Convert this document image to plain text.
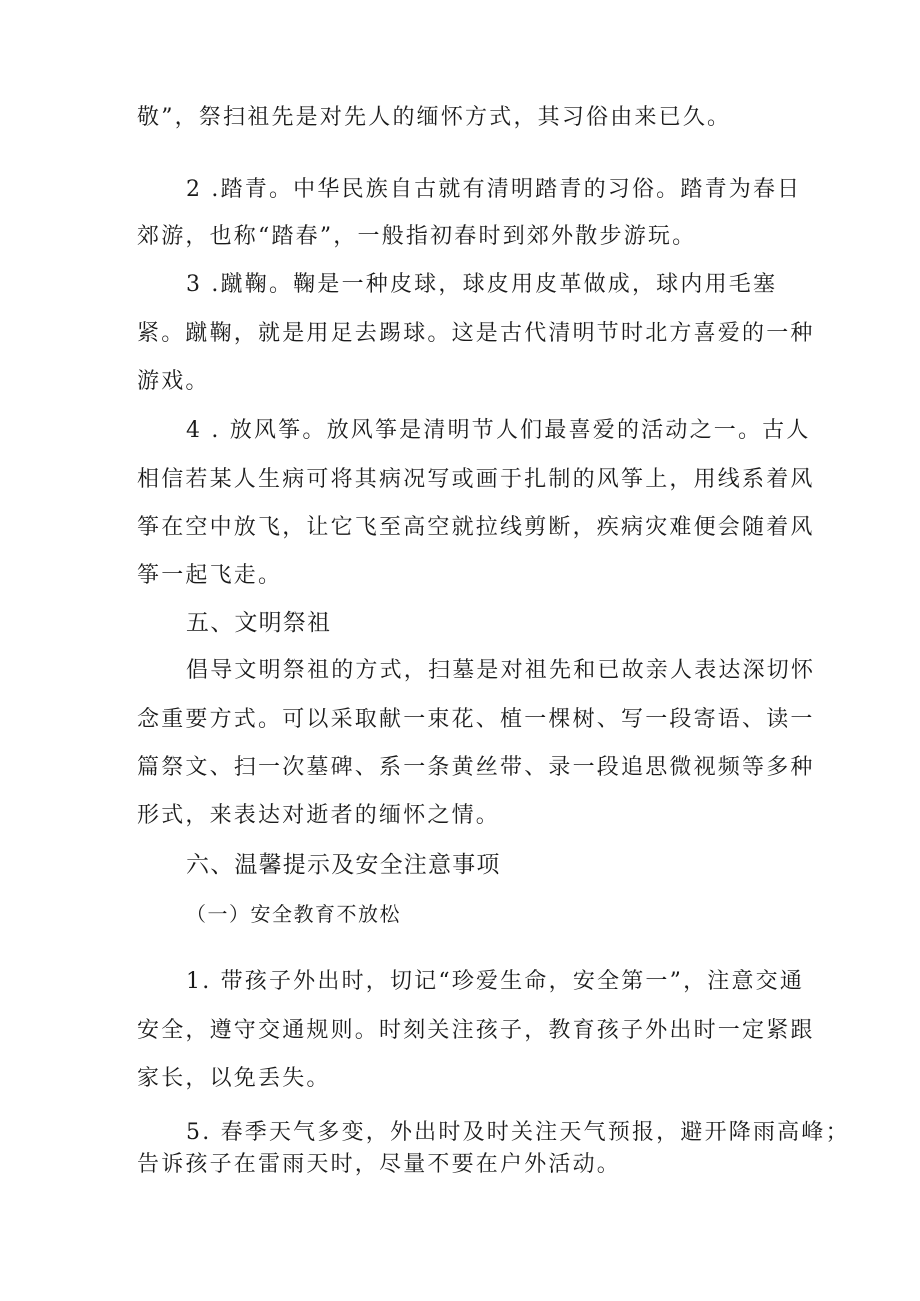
敬”，祭扫祖先是对先人的缅怀方式，其习俗由来已久。
2 .踏青。中华民族自古就有清明踏青的习俗。踏青为春日
郊游，也称“踏春”，一般指初春时到郊外散步游玩。
3 .蹴鞠。鞠是一种皮球，球皮用皮革做成，球内用毛塞
紧。蹴鞠，就是用足去踢球。这是古代清明节时北方喜爱的一种
游戏。
4 . 放风筝。放风筝是清明节人们最喜爱的活动之一。古人
相信若某人生病可将其病况写或画于扎制的风筝上，用线系着风
筝在空中放飞，让它飞至高空就拉线剪断，疾病灾难便会随着风
筝一起飞走。
五、文明祭祖
倡导文明祭祖的方式，扫墓是对祖先和已故亲人表达深切怀
念重要方式。可以采取献一束花、植一棵树、写一段寄语、读一
篇祭文、扫一次墓碑、系一条黄丝带、录一段追思微视频等多种
形式，来表达对逝者的缅怀之情。
六、温馨提示及安全注意事项
（一）安全教育不放松
1. 带孩子外出时，切记“珍爱生命，安全第一”，注意交通
安全，遵守交通规则。时刻关注孩子，教育孩子外出时一定紧跟
家长，以免丢失。
5. 春季天气多变，外出时及时关注天气预报，避开降雨高峰；
告诉孩子在雷雨天时，尽量不要在户外活动。
